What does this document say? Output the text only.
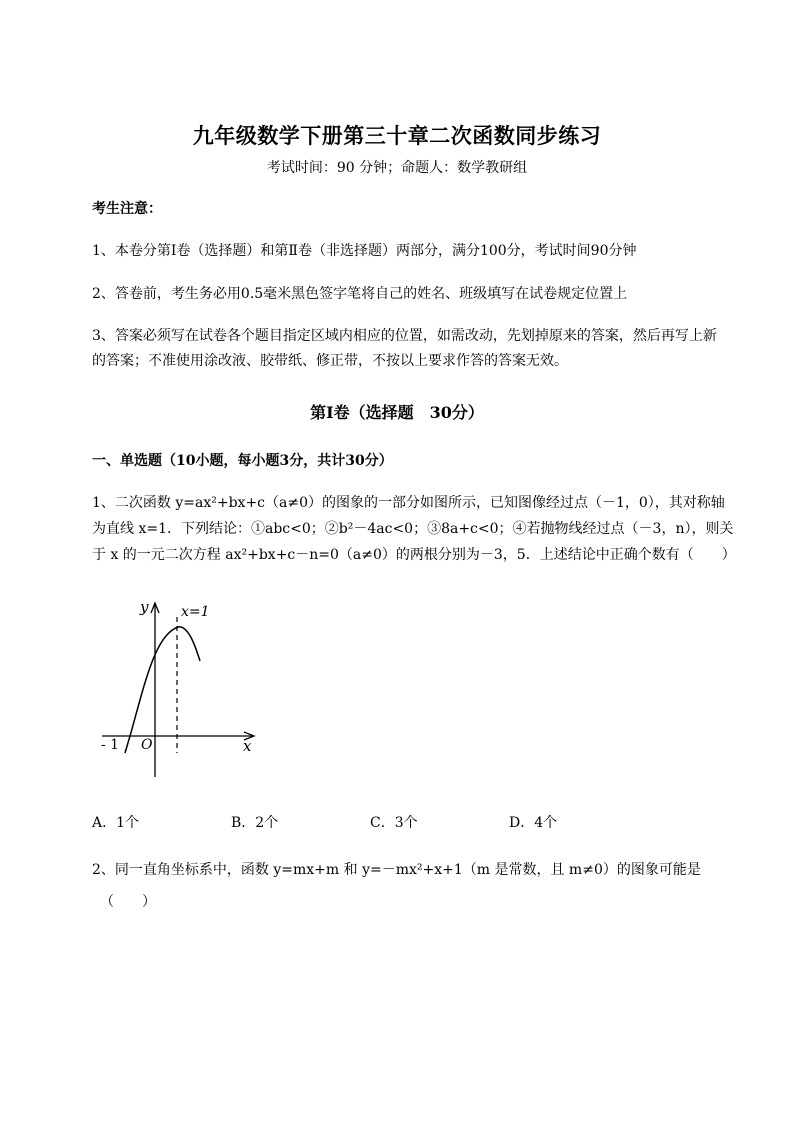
九年级数学下册第三十章二次函数同步练习
考试时间：90 分钟；命题人：数学教研组
考生注意：
1、本卷分第Ⅰ卷（选择题）和第Ⅱ卷（非选择题）两部分，满分100分，考试时间90分钟
2、答卷前，考生务必用0.5毫米黑色签字笔将自己的姓名、班级填写在试卷规定位置上
3、答案必须写在试卷各个题目指定区域内相应的位置，如需改动，先划掉原来的答案，然后再写上新
的答案；不准使用涂改液、胶带纸、修正带，不按以上要求作答的答案无效。
第Ⅰ卷（选择题　30分）
一、单选题（10小题，每小题3分，共计30分）
1、二次函数 y=ax²+bx+c（a≠0）的图象的一部分如图所示，已知图像经过点（－1，0），其对称轴
为直线 x=1．下列结论：①abc<0；②b²－4ac<0；③8a+c<0；④若抛物线经过点（－3，n），则关
于 x 的一元二次方程 ax²+bx+c－n=0（a≠0）的两根分别为－3，5．上述结论中正确个数有（　　）
y
x
O
- 1
x=1
A．1个	B．2个	C．3个	D．4个
2、同一直角坐标系中，函数 y=mx+m 和 y=－mx²+x+1（m 是常数，且 m≠0）的图象可能是
（　　）
